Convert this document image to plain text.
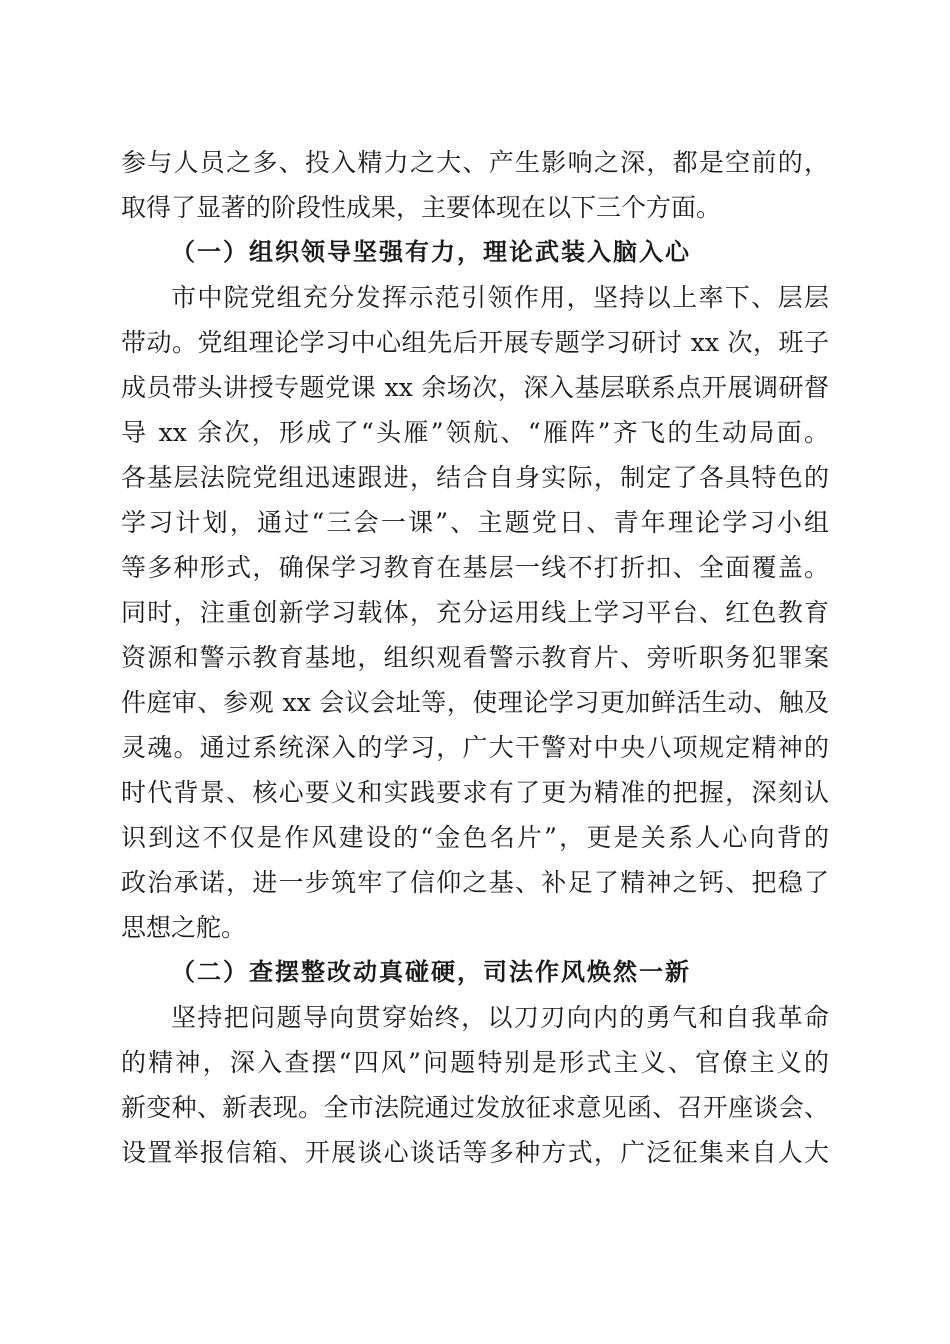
参与人员之多、投入精力之大、产生影响之深，都是空前的，
取得了显著的阶段性成果，主要体现在以下三个方面。
（一）组织领导坚强有力，理论武装入脑入心
市中院党组充分发挥示范引领作用，坚持以上率下、层层
带动。党组理论学习中心组先后开展专题学习研讨 xx 次，班子
成员带头讲授专题党课 xx 余场次，深入基层联系点开展调研督
导 xx 余次，形成了“头雁”领航、“雁阵”齐飞的生动局面。
各基层法院党组迅速跟进，结合自身实际，制定了各具特色的
学习计划，通过“三会一课”、主题党日、青年理论学习小组
等多种形式，确保学习教育在基层一线不打折扣、全面覆盖。
同时，注重创新学习载体，充分运用线上学习平台、红色教育
资源和警示教育基地，组织观看警示教育片、旁听职务犯罪案
件庭审、参观 xx 会议会址等，使理论学习更加鲜活生动、触及
灵魂。通过系统深入的学习，广大干警对中央八项规定精神的
时代背景、核心要义和实践要求有了更为精准的把握，深刻认
识到这不仅是作风建设的“金色名片”，更是关系人心向背的
政治承诺，进一步筑牢了信仰之基、补足了精神之钙、把稳了
思想之舵。
（二）查摆整改动真碰硬，司法作风焕然一新
坚持把问题导向贯穿始终，以刀刃向内的勇气和自我革命
的精神，深入查摆“四风”问题特别是形式主义、官僚主义的
新变种、新表现。全市法院通过发放征求意见函、召开座谈会、
设置举报信箱、开展谈心谈话等多种方式，广泛征集来自人大
